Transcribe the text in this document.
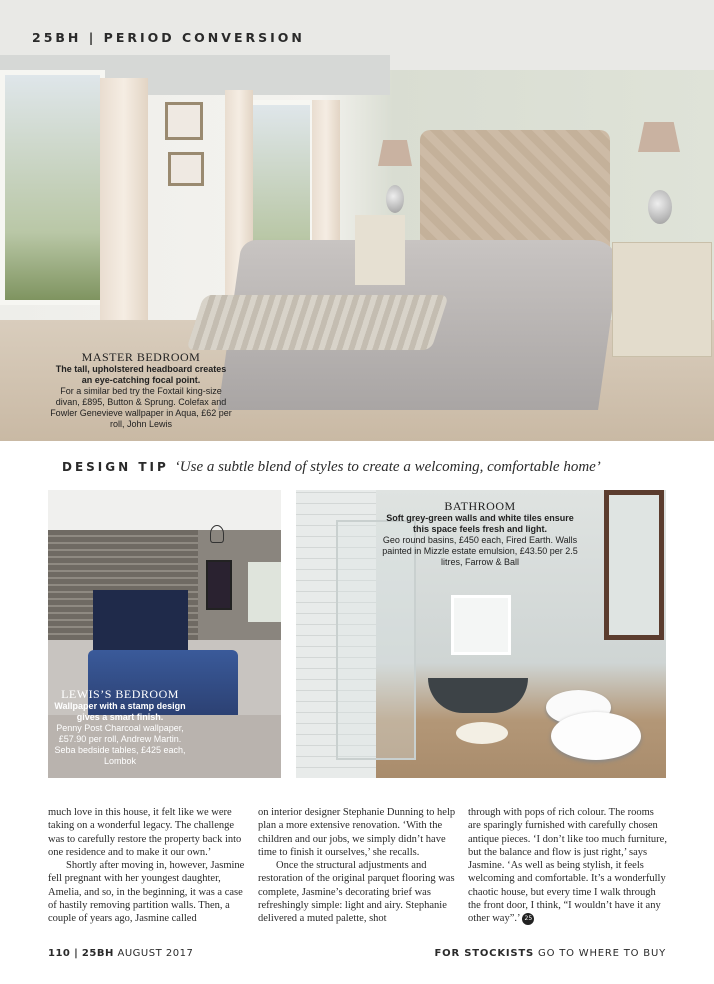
25BH | PERIOD CONVERSION
MASTER BEDROOM
The tall, upholstered headboard creates an eye-catching focal point.
For a similar bed try the Foxtail king-size divan, £895, Button & Sprung. Colefax and Fowler Genevieve wallpaper in Aqua, £62 per roll, John Lewis
DESIGN TIP ‘Use a subtle blend of styles to create a welcoming, comfortable home’
LEWIS’S BEDROOM
Wallpaper with a stamp design gives a smart finish.
Penny Post Charcoal wallpaper, £57.90 per roll, Andrew Martin. Seba bedside tables, £425 each, Lombok
BATHROOM
Soft grey-green walls and white tiles ensure this space feels fresh and light.
Geo round basins, £450 each, Fired Earth. Walls painted in Mizzle estate emulsion, £43.50 per 2.5 litres, Farrow & Ball

much love in this house, it felt like we were taking on a wonderful legacy. The challenge was to carefully restore the property back into one residence and to make it our own.’

Shortly after moving in, however, Jasmine fell pregnant with her youngest daughter, Amelia, and so, in the beginning, it was a case of hastily removing partition walls. Then, a couple of years ago, Jasmine called

on interior designer Stephanie Dunning to help plan a more extensive renovation. ‘With the children and our jobs, we simply didn’t have time to finish it ourselves,’ she recalls.

Once the structural adjustments and restoration of the original parquet flooring was complete, Jasmine’s decorating brief was refreshingly simple: light and airy. Stephanie delivered a muted palette, shot

through with pops of rich colour. The rooms are sparingly furnished with carefully chosen antique pieces. ‘I don’t like too much furniture, but the balance and flow is just right,’ says Jasmine. ‘As well as being stylish, it feels welcoming and comfortable. It’s a wonderfully chaotic house, but every time I walk through the front door, I think, “I wouldn’t have it any other way”.’ 25

110 | 25BH AUGUST 2017	FOR STOCKISTS GO TO WHERE TO BUY
